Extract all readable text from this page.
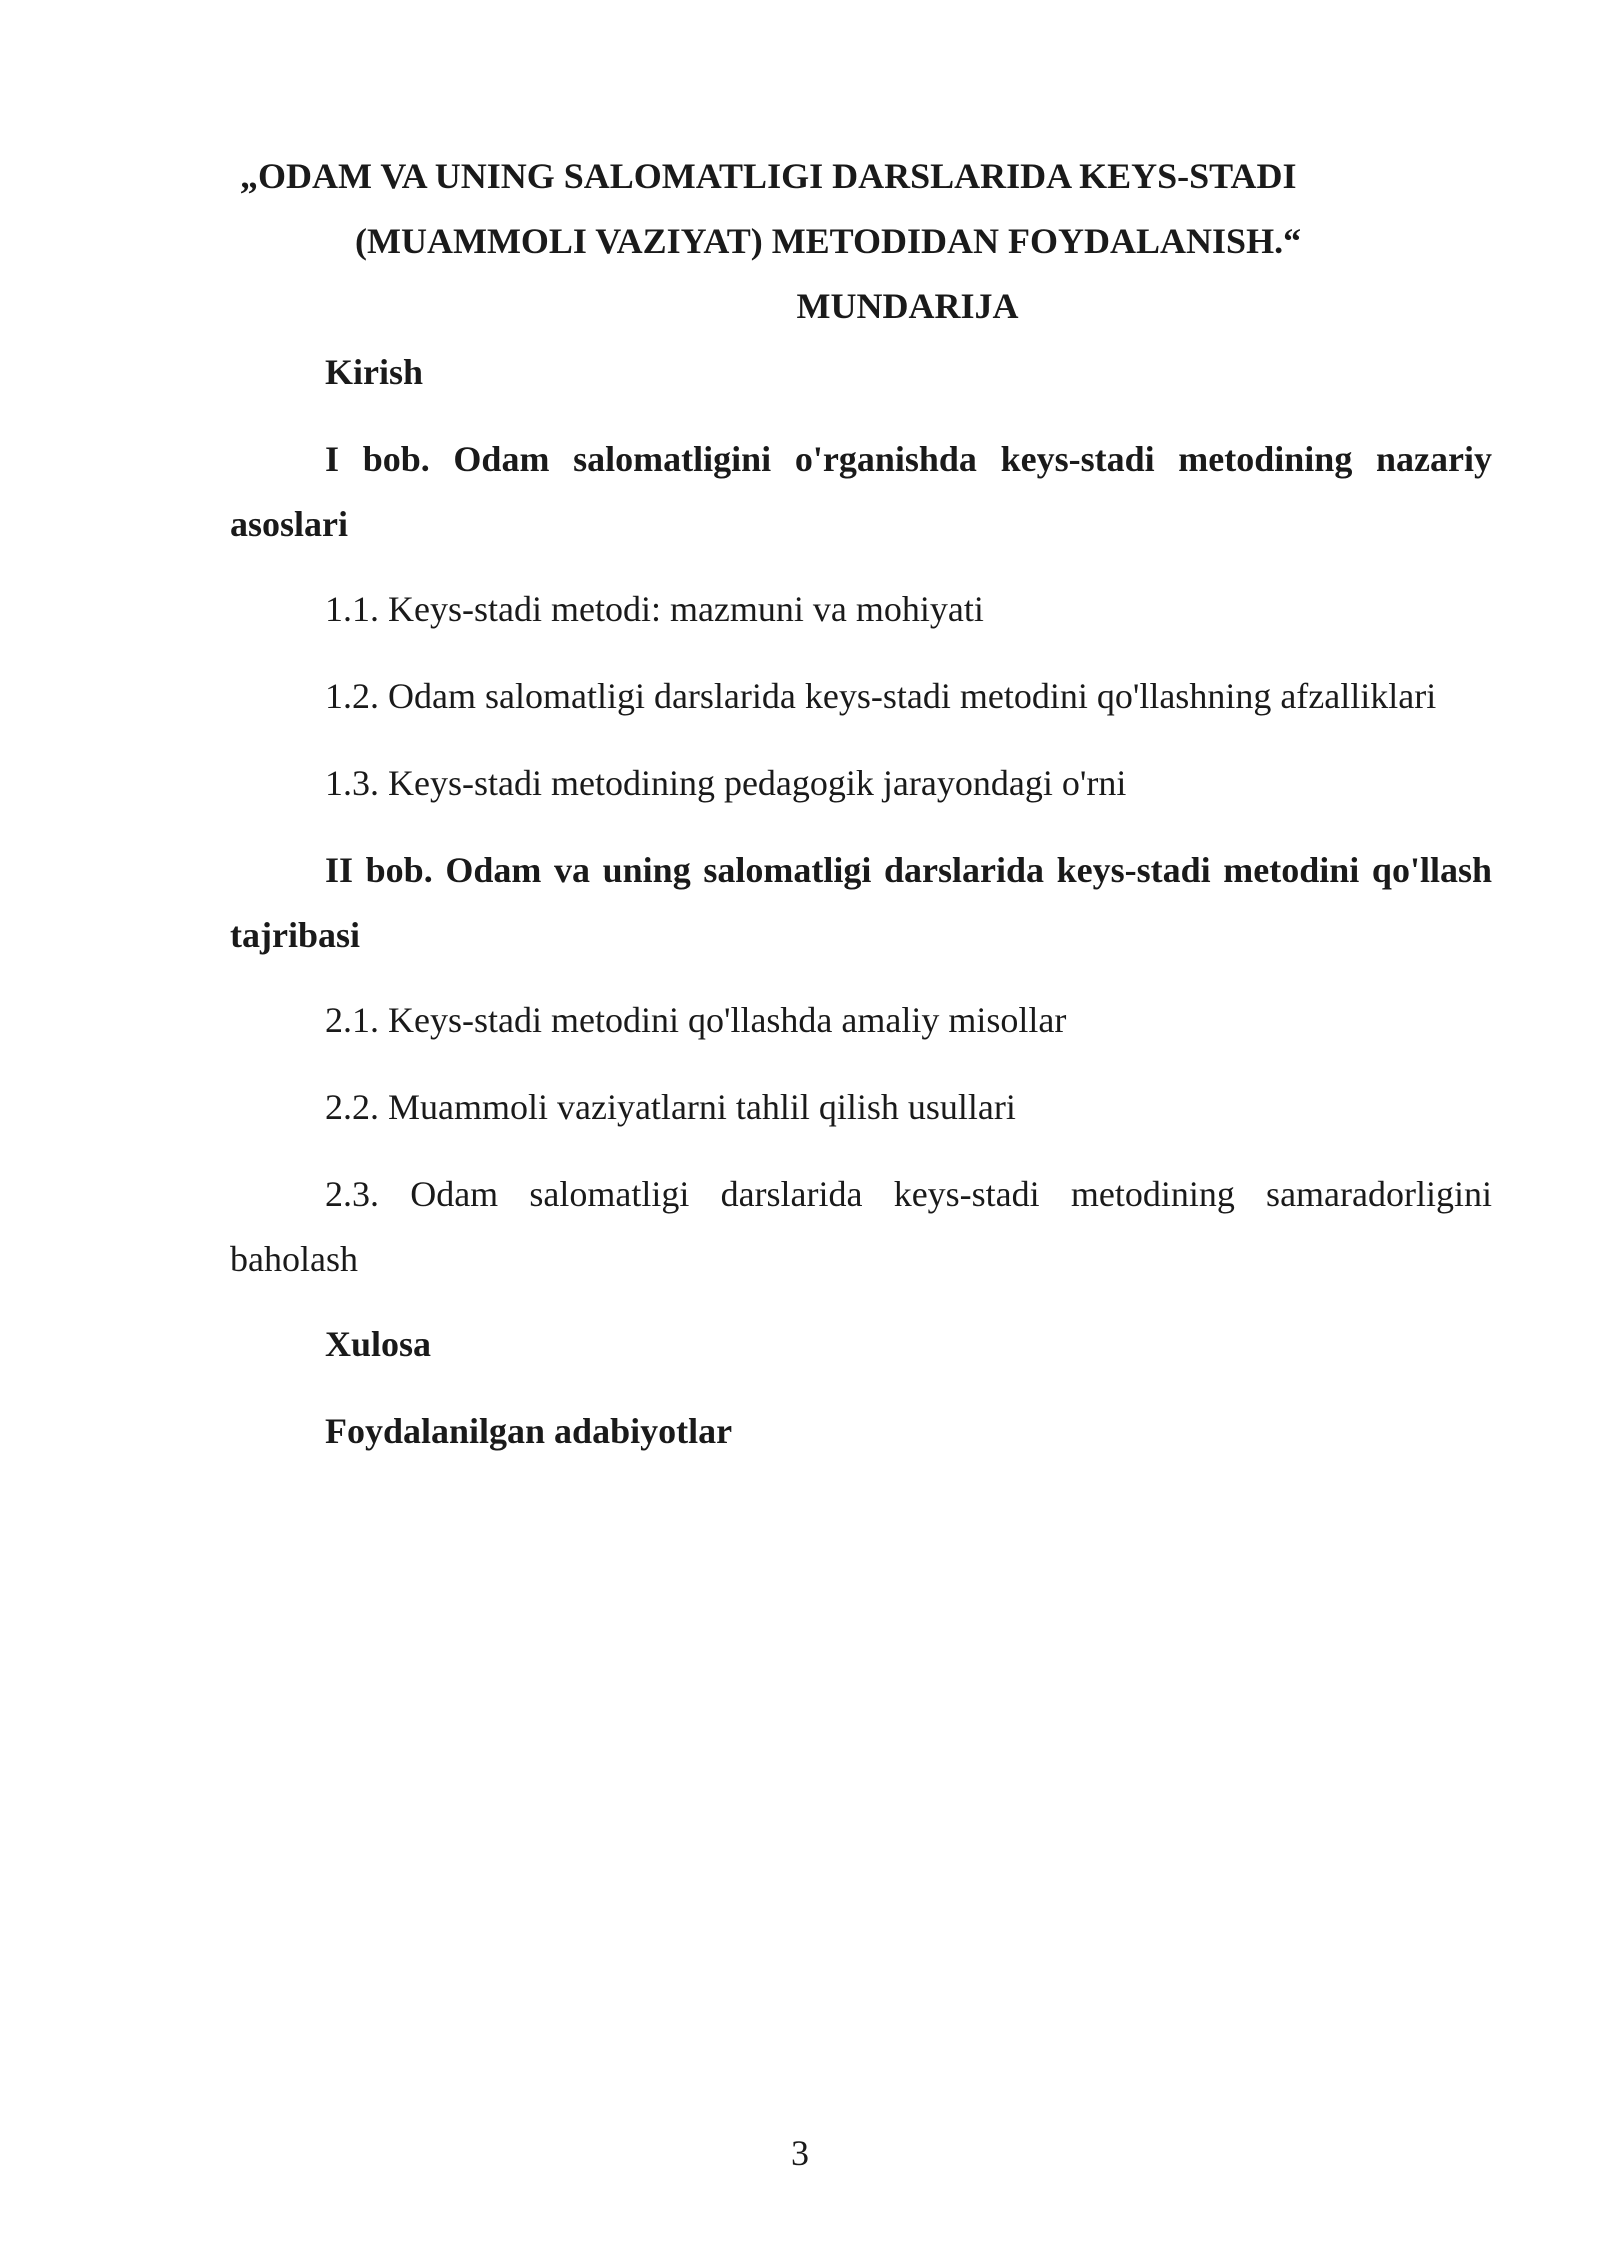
„ODAM VA UNING SALOMATLIGI DARSLARIDA KEYS-STADI

(MUAMMOLI VAZIYAT) METODIDAN FOYDALANISH.“

MUNDARIJA

Kirish

I bob. Odam salomatligini o'rganishda keys-stadi metodining nazariy asoslari

1.1. Keys-stadi metodi: mazmuni va mohiyati

1.2. Odam salomatligi darslarida keys-stadi metodini qo'llashning afzalliklari

1.3. Keys-stadi metodining pedagogik jarayondagi o'rni

II bob. Odam va uning salomatligi darslarida keys-stadi metodini qo'llash tajribasi

2.1. Keys-stadi metodini qo'llashda amaliy misollar

2.2. Muammoli vaziyatlarni tahlil qilish usullari

2.3. Odam salomatligi darslarida keys-stadi metodining samaradorligini baholash

Xulosa

Foydalanilgan adabiyotlar

3
